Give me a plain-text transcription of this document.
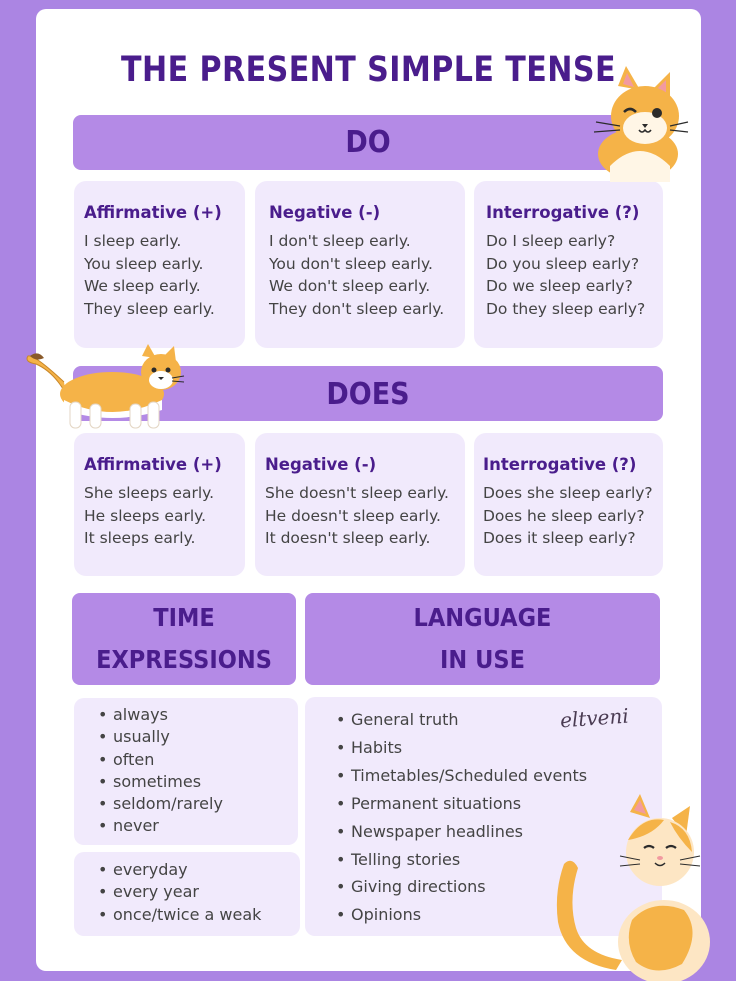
THE PRESENT SIMPLE TENSE
DO
Affirmative (+)
I sleep early.
You sleep early.
We sleep early.
They sleep early.
Negative (-)
I don't sleep early.
You don't sleep early.
We don't sleep early.
They don't sleep early.
Interrogative (?)
Do I sleep early?
Do you sleep early?
Do we sleep early?
Do they sleep early?
DOES
Affirmative (+)
She sleeps early.
He sleeps early.
It sleeps early.
Negative (-)
She doesn't sleep early.
He doesn't sleep early.
It doesn't sleep early.
Interrogative (?)
Does she sleep early?
Does he sleep early?
Does it sleep early?
TIME
EXPRESSIONS
• always
• usually
• often
• sometimes
• seldom/rarely
• never
• everyday
• every year
• once/twice a weak
LANGUAGE
IN USE
• General truth
• Habits
• Timetables/Scheduled events
• Permanent situations
• Newspaper headlines
• Telling stories
• Giving directions
• Opinions
eltveni
